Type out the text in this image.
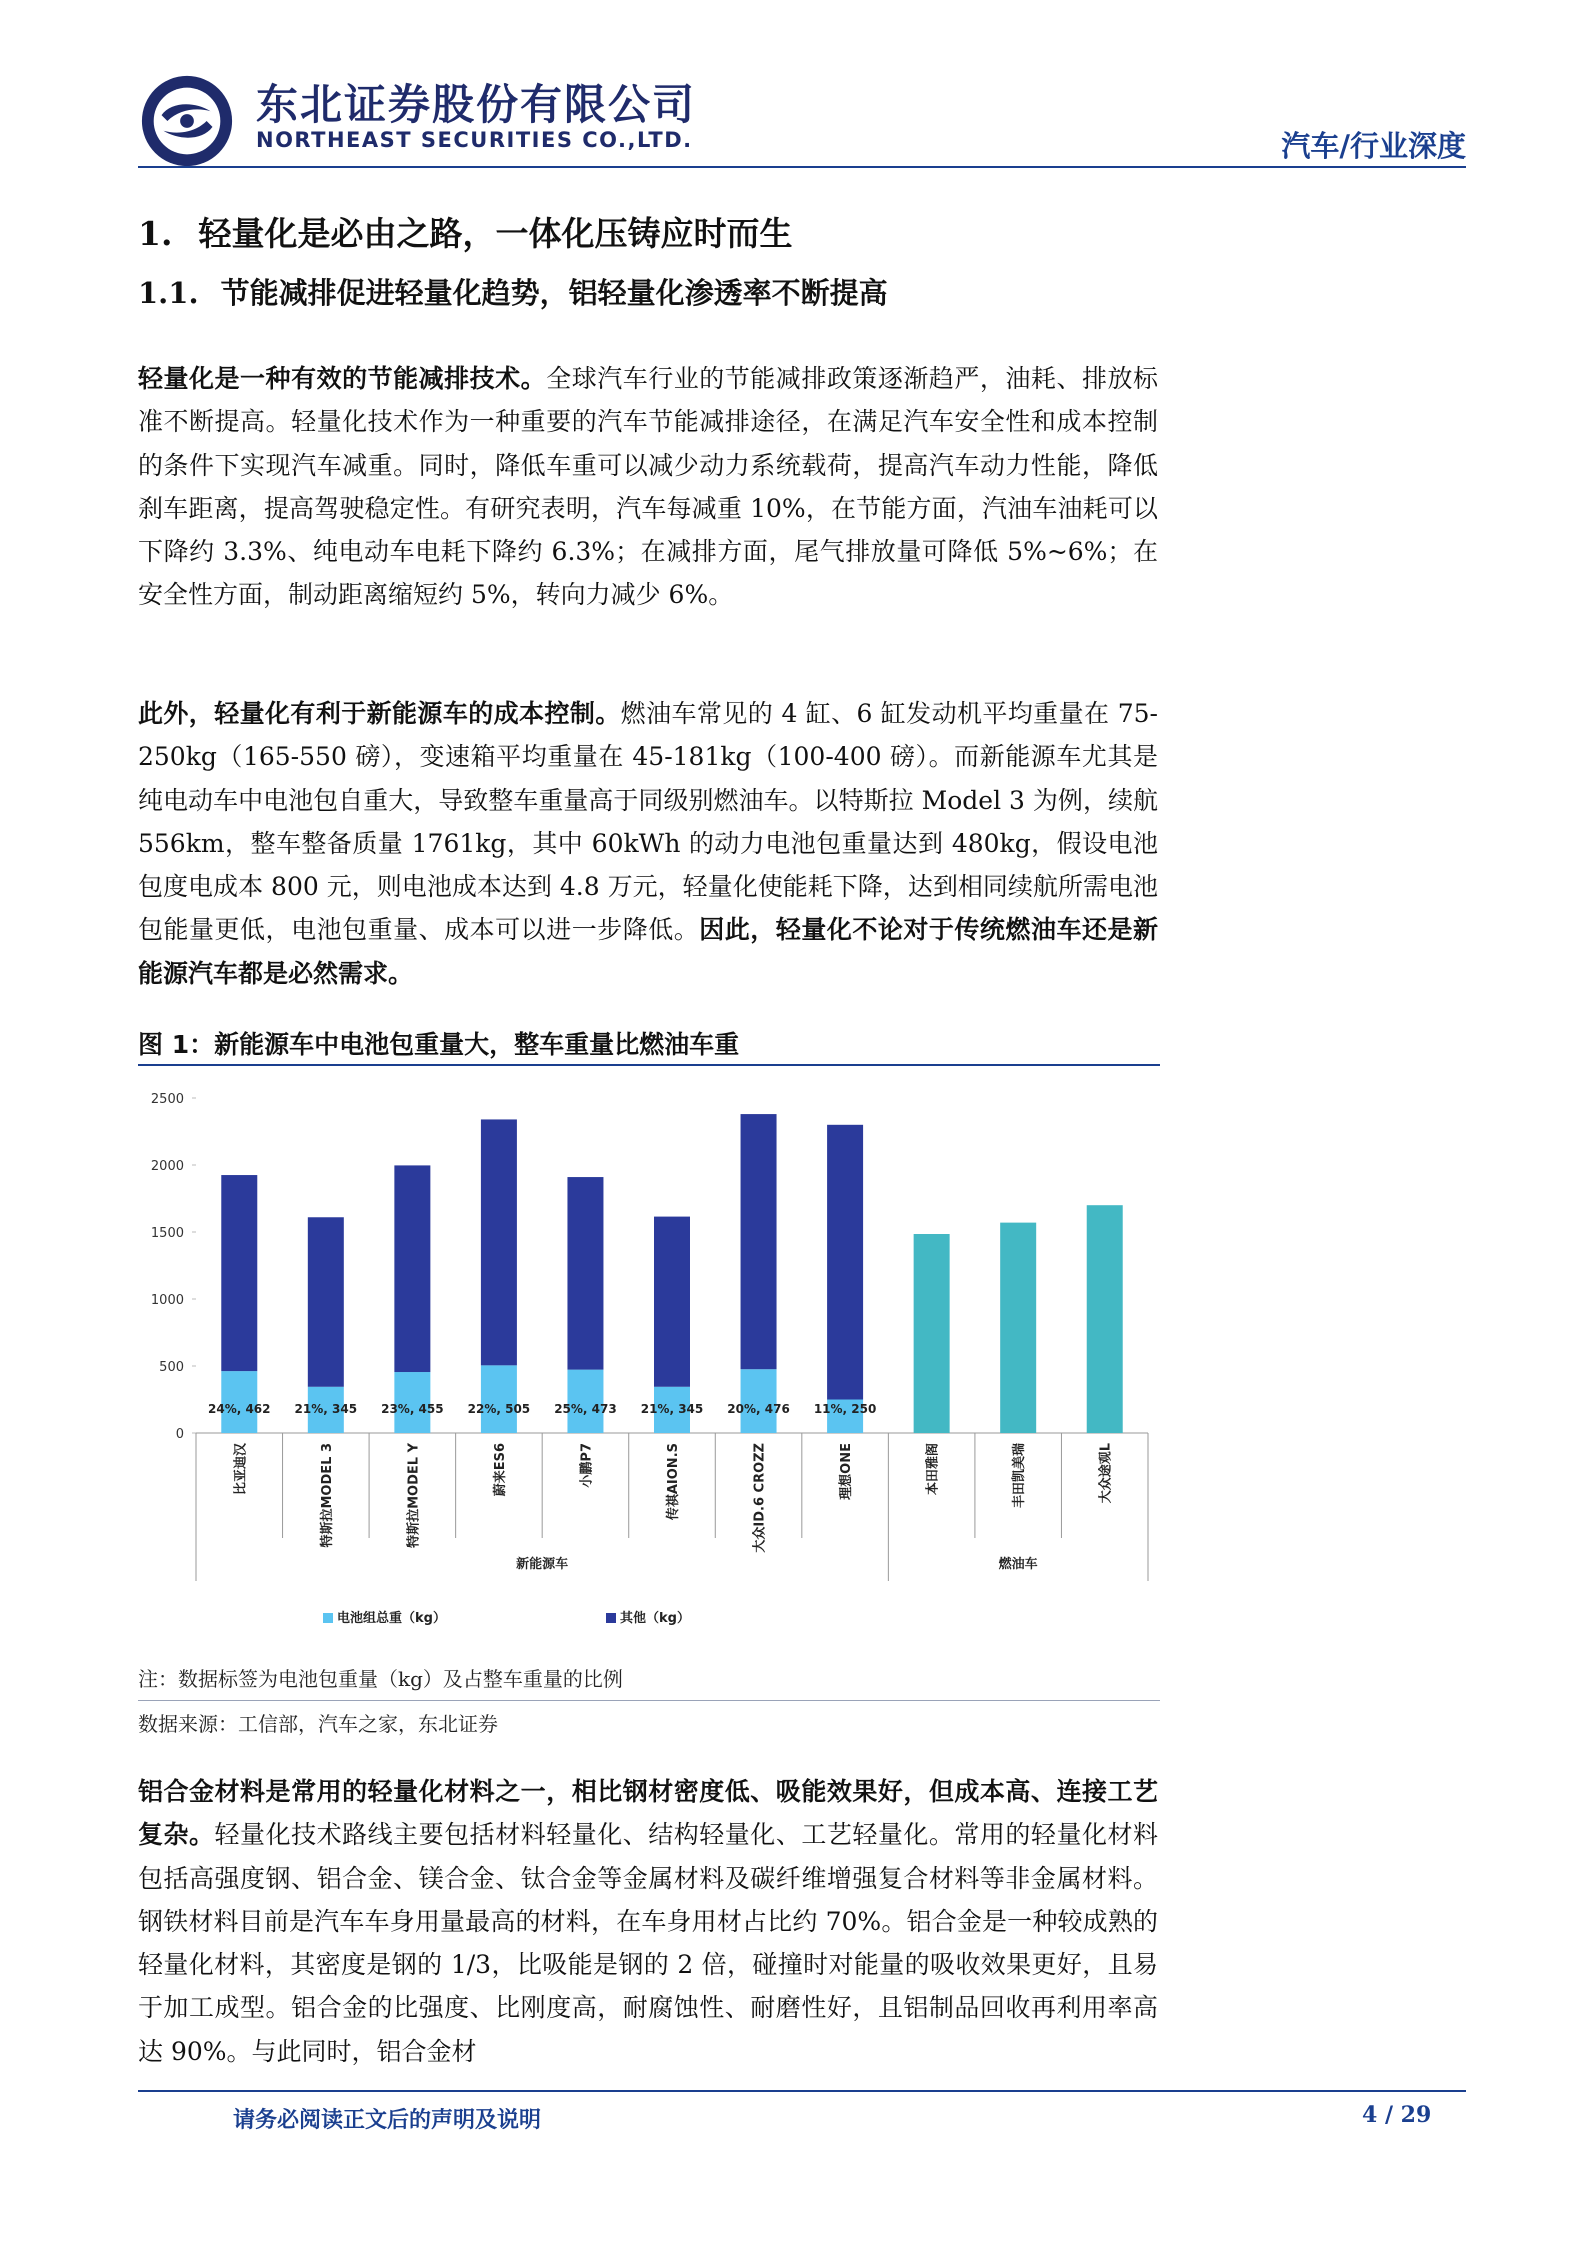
东北证券股份有限公司
NORTHEAST SECURITIES CO.,LTD.	汽车/行业深度
1. 轻量化是必由之路，一体化压铸应时而生
1.1. 节能减排促进轻量化趋势，铝轻量化渗透率不断提高

轻量化是一种有效的节能减排技术。全球汽车行业的节能减排政策逐渐趋严，油耗、排放标准不断提高。轻量化技术作为一种重要的汽车节能减排途径，在满足汽车安全性和成本控制的条件下实现汽车减重。同时，降低车重可以减少动力系统载荷，提高汽车动力性能，降低刹车距离，提高驾驶稳定性。有研究表明，汽车每减重 10%，在节能方面，汽油车油耗可以下降约 3.3%、纯电动车电耗下降约 6.3%；在减排方面，尾气排放量可降低 5%~6%；在安全性方面，制动距离缩短约 5%，转向力减少 6%。

此外，轻量化有利于新能源车的成本控制。燃油车常见的 4 缸、6 缸发动机平均重量在 75-250kg（165-550 磅），变速箱平均重量在 45-181kg（100-400 磅）。而新能源车尤其是纯电动车中电池包自重大，导致整车重量高于同级别燃油车。以特斯拉 Model 3 为例，续航 556km，整车整备质量 1761kg，其中 60kWh 的动力电池包重量达到 480kg，假设电池包度电成本 800 元，则电池成本达到 4.8 万元，轻量化使能耗下降，达到相同续航所需电池包能量更低，电池包重量、成本可以进一步降低。因此，轻量化不论对于传统燃油车还是新能源汽车都是必然需求。

图 1：新能源车中电池包重量大，整车重量比燃油车重
0
500
1000
1500
2000
2500
24%, 462
比亚迪汉
21%, 345
特斯拉MODEL 3
23%, 455
特斯拉MODEL Y
22%, 505
蔚来ES6
25%, 473
小鹏P7
21%, 345
传祺AION.S
20%, 476
大众ID.6 CROZZ
11%, 250
理想ONE	本田雅阁	丰田凯美瑞	大众途观L
新能源车	燃油车
电池组总重（kg）	其他（kg）
注：数据标签为电池包重量（kg）及占整车重量的比例
数据来源：工信部，汽车之家，东北证券

铝合金材料是常用的轻量化材料之一，相比钢材密度低、吸能效果好，但成本高、连接工艺复杂。轻量化技术路线主要包括材料轻量化、结构轻量化、工艺轻量化。常用的轻量化材料包括高强度钢、铝合金、镁合金、钛合金等金属材料及碳纤维增强复合材料等非金属材料。钢铁材料目前是汽车车身用量最高的材料，在车身用材占比约 70%。铝合金是一种较成熟的轻量化材料，其密度是钢的 1/3，比吸能是钢的 2 倍，碰撞时对能量的吸收效果更好，且易于加工成型。铝合金的比强度、比刚度高，耐腐蚀性、耐磨性好，且铝制品回收再利用率高达 90%。与此同时，铝合金材

请务必阅读正文后的声明及说明	4 / 29
